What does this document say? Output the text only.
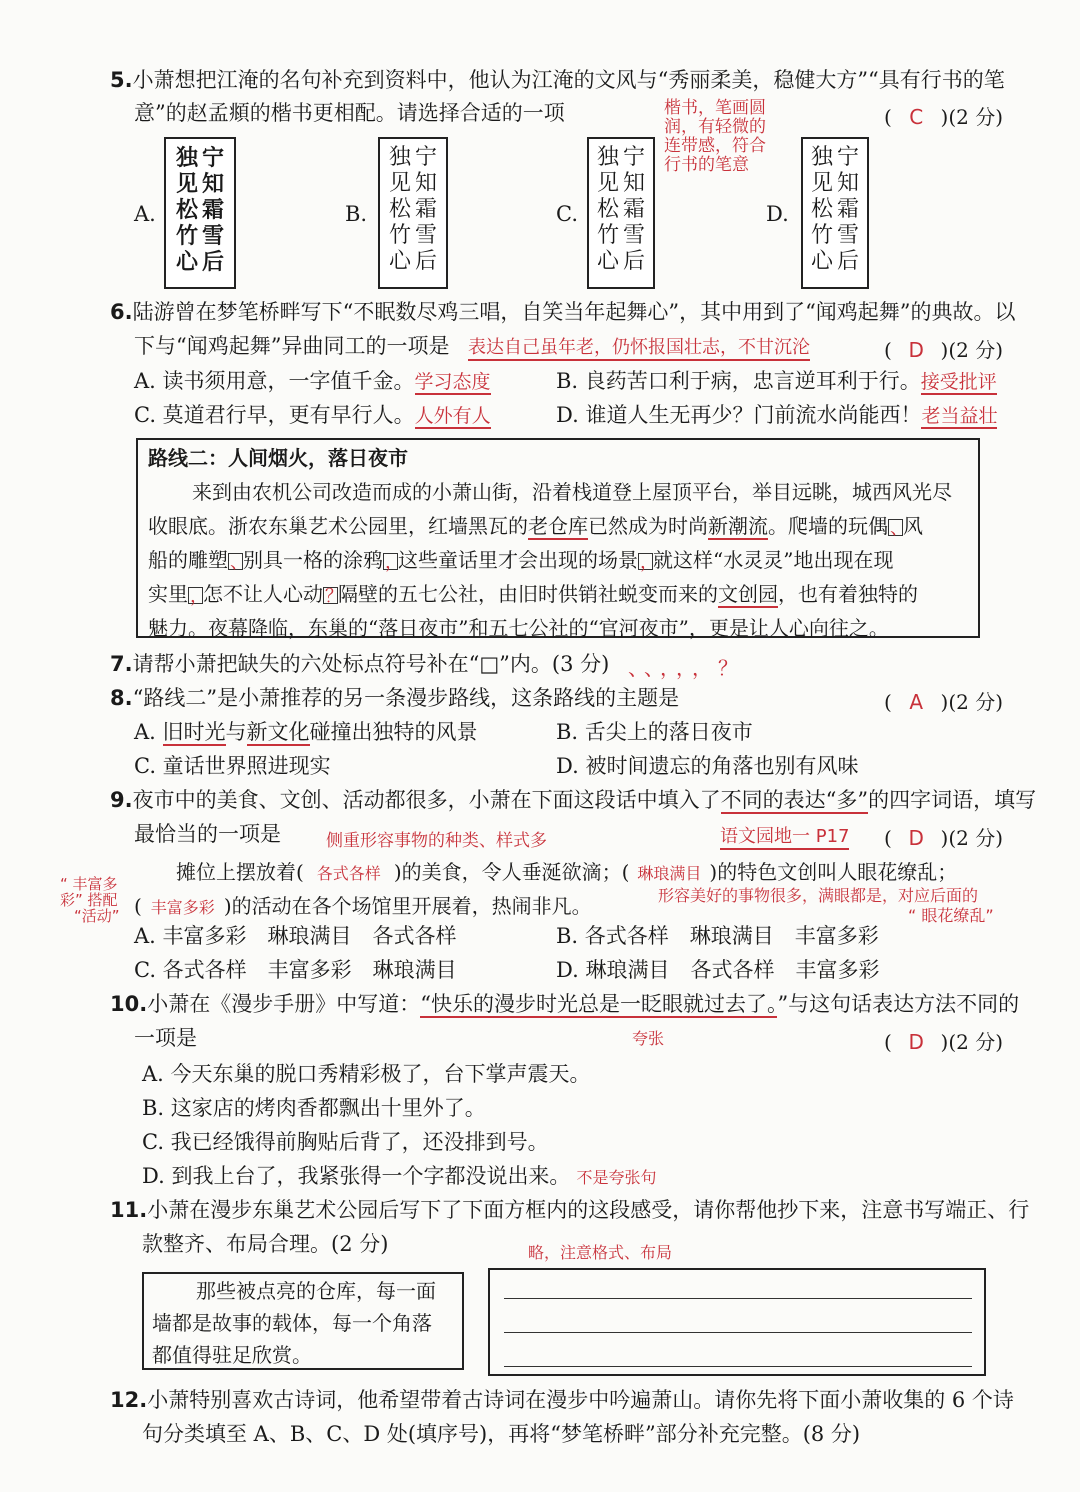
5.小萧想把江淹的名句补充到资料中，他认为江淹的文风与“秀丽柔美，稳健大方”“具有行书的笔
意”的赵孟頫的楷书更相配。请选择合适的一项	楷书，笔画圆
润，有轻微的
连带感，符合
行书的笔意
( C )(2 分)
A.
宁
知
霜
雪
后
独
见
松
竹
心
B.
宁
知
霜
雪
后
独
见
松
竹
心
C.
宁
知
霜
雪
后
独
见
松
竹
心
D.
宁
知
霜
雪
后
独
见
松
竹
心
6.陆游曾在梦笔桥畔写下“不眠数尽鸡三唱，自笑当年起舞心”，其中用到了“闻鸡起舞”的典故。以
下与“闻鸡起舞”异曲同工的一项是 表达自己虽年老，仍怀报国壮志，不甘沉沦	( D )(2 分)
A. 读书须用意，一字值千金。学习态度	B. 良药苦口利于病，忠言逆耳利于行。接受批评
C. 莫道君行早，更有早行人。人外有人	D. 谁道人生无再少？门前流水尚能西！老当益壮
路线二：人间烟火，落日夜市
来到由农机公司改造而成的小萧山街，沿着栈道登上屋顶平台，举目远眺，城西风光尽
收眼底。浙农东巢艺术公园里，红墙黑瓦的老仓库已然成为时尚新潮流。爬墙的玩偶 、
风
船的雕塑 、
别具一格的涂鸦 ，
这些童话里才会出现的场景 ，
就这样“水灵灵”地出现在现
实里 ，
怎不让人心动 ？
隔壁的五七公社，由旧时供销社蜕变而来的文创园，也有着独特的
魅力。夜幕降临，东巢的“落日夜市”和五七公社的“官河夜市”，更是让人心向往之。
7.请帮小萧把缺失的六处标点符号补在“□”内。(3 分) 、、，，，？
8.“路线二”是小萧推荐的另一条漫步路线，这条路线的主题是	( A )(2 分)
A. 旧时光与新文化碰撞出独特的风景	B. 舌尖上的落日夜市
C. 童话世界照进现实	D. 被时间遗忘的角落也别有风味
9.夜市中的美食、文创、活动都很多，小萧在下面这段话中填入了不同的表达“多”的四字词语，填写
最恰当的一项是	侧重形容事物的种类、样式多	语文园地一 P17 ( D )(2 分)
摊位上摆放着( 各式各样 )的美食，令人垂涎欲滴；( 琳琅满目 )的特色文创叫人眼花缭乱；
( 丰富多彩 )的活动在各个场馆里开展着，热闹非凡。
“ 丰富多
彩” 搭配
“活动”
形容美好的事物很多，满眼都是，对应后面的
“ 眼花缭乱”
A. 丰富多彩　琳琅满目　各式各样	B. 各式各样　琳琅满目　丰富多彩
C. 各式各样　丰富多彩　琳琅满目	D. 琳琅满目　各式各样　丰富多彩
10.小萧在《漫步手册》中写道：“快乐的漫步时光总是一眨眼就过去了。”与这句话表达方法不同的
一项是	夸张	( D )(2 分)
A. 今天东巢的脱口秀精彩极了，台下掌声震天。
B. 这家店的烤肉香都飘出十里外了。
C. 我已经饿得前胸贴后背了，还没排到号。
D. 到我上台了，我紧张得一个字都没说出来。 不是夸张句
11.小萧在漫步东巢艺术公园后写下了下面方框内的这段感受，请你帮他抄下来，注意书写端正、行
款整齐、布局合理。(2 分)	略，注意格式、布局
那些被点亮的仓库，每一面
墙都是故事的载体，每一个角落
都值得驻足欣赏。
12.小萧特别喜欢古诗词，他希望带着古诗词在漫步中吟遍萧山。请你先将下面小萧收集的 6 个诗
句分类填至 A、B、C、D 处(填序号)，再将“梦笔桥畔”部分补充完整。(8 分)
